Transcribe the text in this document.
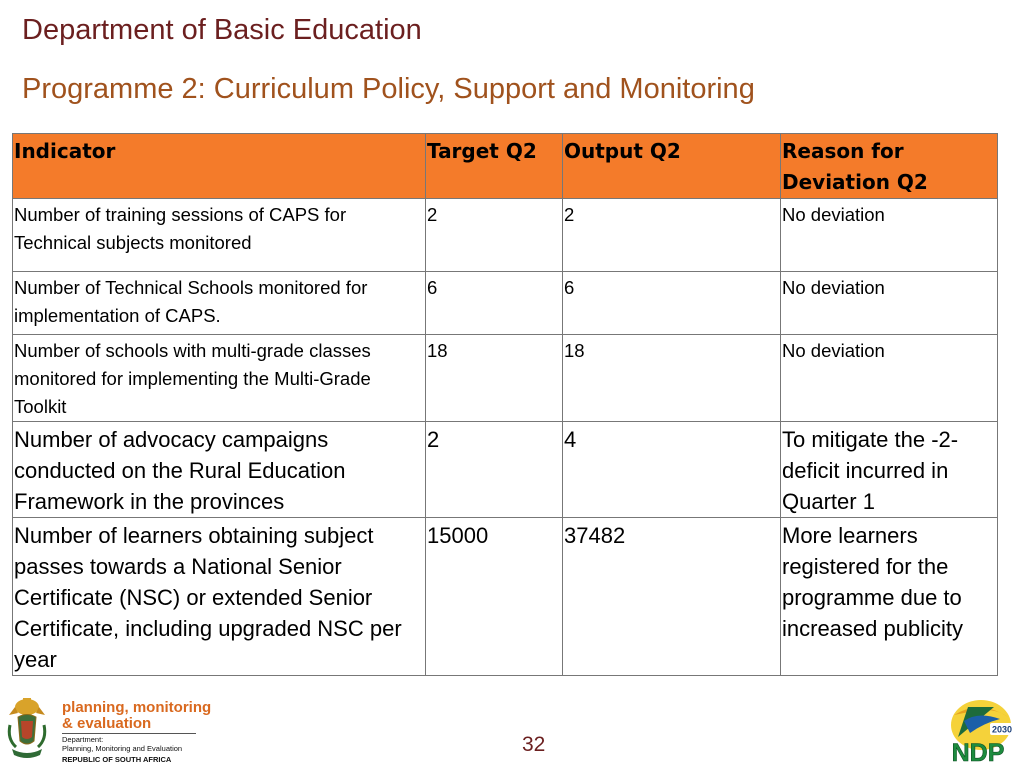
Department of Basic Education
Programme 2: Curriculum Policy, Support and Monitoring
Indicator	Target Q2	Output Q2	Reason for Deviation Q2
Number of training sessions of CAPS for Technical subjects monitored	2	2	No deviation
Number of Technical Schools monitored for implementation of CAPS.	6	6	No deviation
Number of schools with multi-grade classes monitored for implementing the Multi-Grade Toolkit	18	18	No deviation
Number of advocacy campaigns conducted on the Rural Education Framework in the provinces	2	4	To mitigate the -2-deficit incurred in Quarter 1
Number of learners obtaining subject passes towards a National Senior Certificate (NSC) or extended Senior Certificate, including upgraded NSC per year	15000	37482	More learners registered for the programme due to increased publicity
planning, monitoring
& evaluation
Department:
Planning, Monitoring and Evaluation
REPUBLIC OF SOUTH AFRICA
32
2030
NDP
